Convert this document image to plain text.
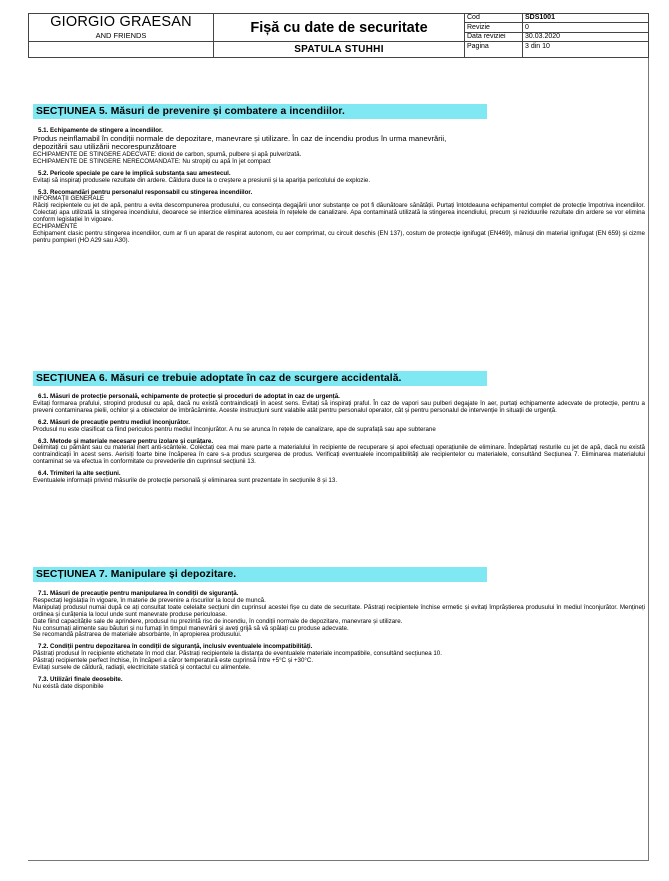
GIORGIO GRAESAN
AND FRIENDS	Fișă cu date de securitate	Cod	SDS1001
		Revizie	0
		Data reviziei	30.03.2020
	SPATULA STUHHI	Pagina	3 din 10
SECȚIUNEA 5. Măsuri de prevenire și combatere a incendiilor.
5.1. Echipamente de stingere a incendiilor.
Produs neinflamabil în condiții normale de depozitare, manevrare și utilizare. În caz de incendiu produs în urma manevrării,
depozitării sau utilizării necorespunzătoare
ECHIPAMENTE DE STINGERE ADECVATE: dioxid de carbon, spumă, pulbere și apă pulverizată.
ECHIPAMENTE DE STINGERE NERECOMANDATE: Nu stropiți cu apă în jet compact
5.2. Pericole speciale pe care le implică substanța sau amestecul.
Evitați să inspirați produsele rezultate din ardere. Căldura duce la o creștere a presiunii și la apariția pericolului de explozie.
5.3. Recomandări pentru personalul responsabil cu stingerea incendiilor.
INFORMAȚII GENERALE
Răciți recipientele cu jet de apă, pentru a evita descompunerea produsului, cu consecința degajării unor substanțe ce pot fi dăunătoare sănătății. Purtați întotdeauna echipamentul complet de protecție împotriva incendiilor. Colectați apa utilizată la stingerea incendiului, deoarece se interzice eliminarea acesteia în rețelele de canalizare. Apa contaminată utilizată la stingerea incendiului, precum și reziduurile rezultate din ardere se vor elimina conform legislației în vigoare.
ECHIPAMENTE
Echipament clasic pentru stingerea incendiilor, cum ar fi un aparat de respirat autonom, cu aer comprimat, cu circuit deschis (EN 137), costum de protecție ignifugat (EN469), mănuși din material ignifugat (EN 659) și cizme pentru pompieri (HO A29 sau A30).
SECȚIUNEA 6. Măsuri ce trebuie adoptate în caz de scurgere accidentală.
6.1. Măsuri de protecție personală, echipamente de protecție și proceduri de adoptat în caz de urgență.
Evitați formarea prafului, stropind produsul cu apă, dacă nu există contraindicații în acest sens. Evitați să inspirați praful. În caz de vapori sau pulberi degajate în aer, purtați echipamente adecvate de protecție, pentru a preveni contaminarea pielii, ochilor și a obiectelor de îmbrăcăminte. Aceste instrucțiuni sunt valabile atât pentru personalul operator, cât și pentru personalul de intervenție în situații de urgență.
6.2. Măsuri de precauție pentru mediul înconjurător.
Produsul nu este clasificat ca fiind periculos pentru mediul înconjurător. A nu se arunca în rețele de canalizare, ape de suprafață sau ape subterane
6.3. Metode și materiale necesare pentru izolare și curățare.
Delimitați cu pământ sau cu material inert anti-scânteie. Colectați cea mai mare parte a materialului în recipiente de recuperare și apoi efectuați operațiunile de eliminare. Îndepărtați resturile cu jet de apă, dacă nu există contraindicații în acest sens. Aerisiți foarte bine încăperea în care s-a produs scurgerea de produs. Verificați eventualele incompatibilități ale recipientelor cu materialele, consultând Secțiunea 7. Eliminarea materialului contaminat se va efectua în conformitate cu prevederile din cuprinsul secțiunii 13.
6.4. Trimiteri la alte secțiuni.
Eventualele informații privind măsurile de protecție personală și eliminarea sunt prezentate în secțiunile 8 și 13.
SECȚIUNEA 7. Manipulare și depozitare.
7.1. Măsuri de precauție pentru manipularea în condiții de siguranță.
Respectați legislația în vigoare, în materie de prevenire a riscurilor la locul de muncă.
Manipulați produsul numai după ce ați consultat toate celelalte secțiuni din cuprinsul acestei fișe cu date de securitate. Păstrați recipientele închise ermetic și evitați împrăștierea produsului în mediul înconjurător. Mențineți ordinea și curățenia la locul unde sunt manevrate produse periculoase.
Date fiind capacitățile sale de aprindere, produsul nu prezintă risc de incendiu, în condiții normale de depozitare, manevrare și utilizare.
Nu consumați alimente sau băuturi și nu fumați în timpul manevrării și aveți grijă să vă spălați cu produse adecvate.
Se recomandă păstrarea de materiale absorbante, în apropierea produsului.
7.2. Condiții pentru depozitarea în condiții de siguranță, inclusiv eventualele incompatibilități.
Păstrați produsul în recipiente etichetate în mod clar. Păstrați recipientele la distanța de eventualele materiale incompatibile, consultând secțiunea 10.
Păstrați recipientele perfect închise, în încăperi a căror temperatură este cuprinsă între +5°C și +30°C.
Evitați sursele de căldură, radiații, electricitate statică și contactul cu alimentele.
7.3. Utilizări finale deosebite.
Nu există date disponibile
